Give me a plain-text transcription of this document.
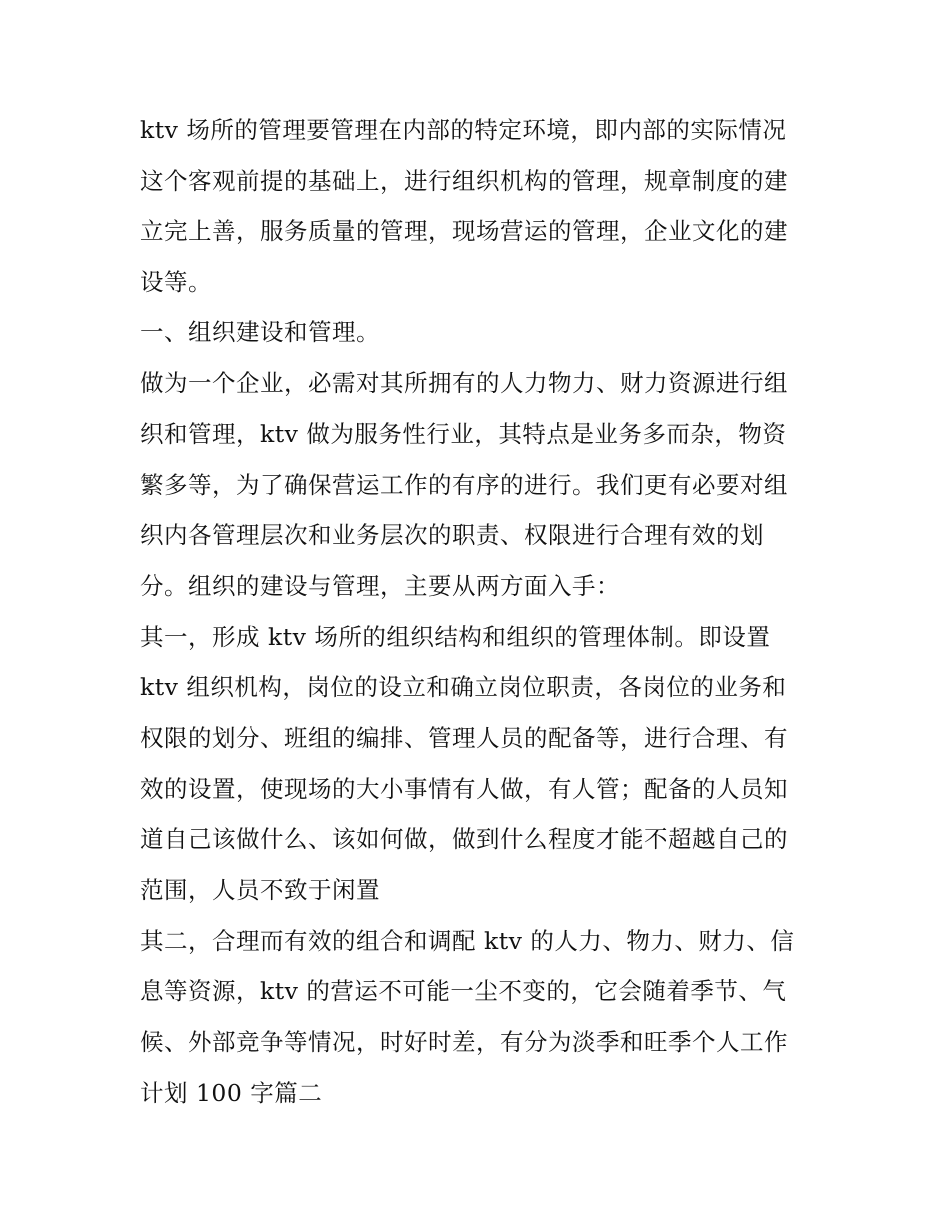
ktv 场所的管理要管理在内部的特定环境，即内部的实际情况
这个客观前提的基础上，进行组织机构的管理，规章制度的建
立完上善，服务质量的管理，现场营运的管理，企业文化的建
设等。
一、组织建设和管理。
做为一个企业，必需对其所拥有的人力物力、财力资源进行组
织和管理，ktv 做为服务性行业，其特点是业务多而杂，物资
繁多等，为了确保营运工作的有序的进行。我们更有必要对组
织内各管理层次和业务层次的职责、权限进行合理有效的划
分。组织的建设与管理，主要从两方面入手：
其一，形成 ktv 场所的组织结构和组织的管理体制。即设置
ktv 组织机构，岗位的设立和确立岗位职责，各岗位的业务和
权限的划分、班组的编排、管理人员的配备等，进行合理、有
效的设置，使现场的大小事情有人做，有人管；配备的人员知
道自己该做什么、该如何做，做到什么程度才能不超越自己的
范围，人员不致于闲置
其二，合理而有效的组合和调配 ktv 的人力、物力、财力、信
息等资源，ktv 的营运不可能一尘不变的，它会随着季节、气
候、外部竞争等情况，时好时差，有分为淡季和旺季个人工作
计划 100 字篇二
